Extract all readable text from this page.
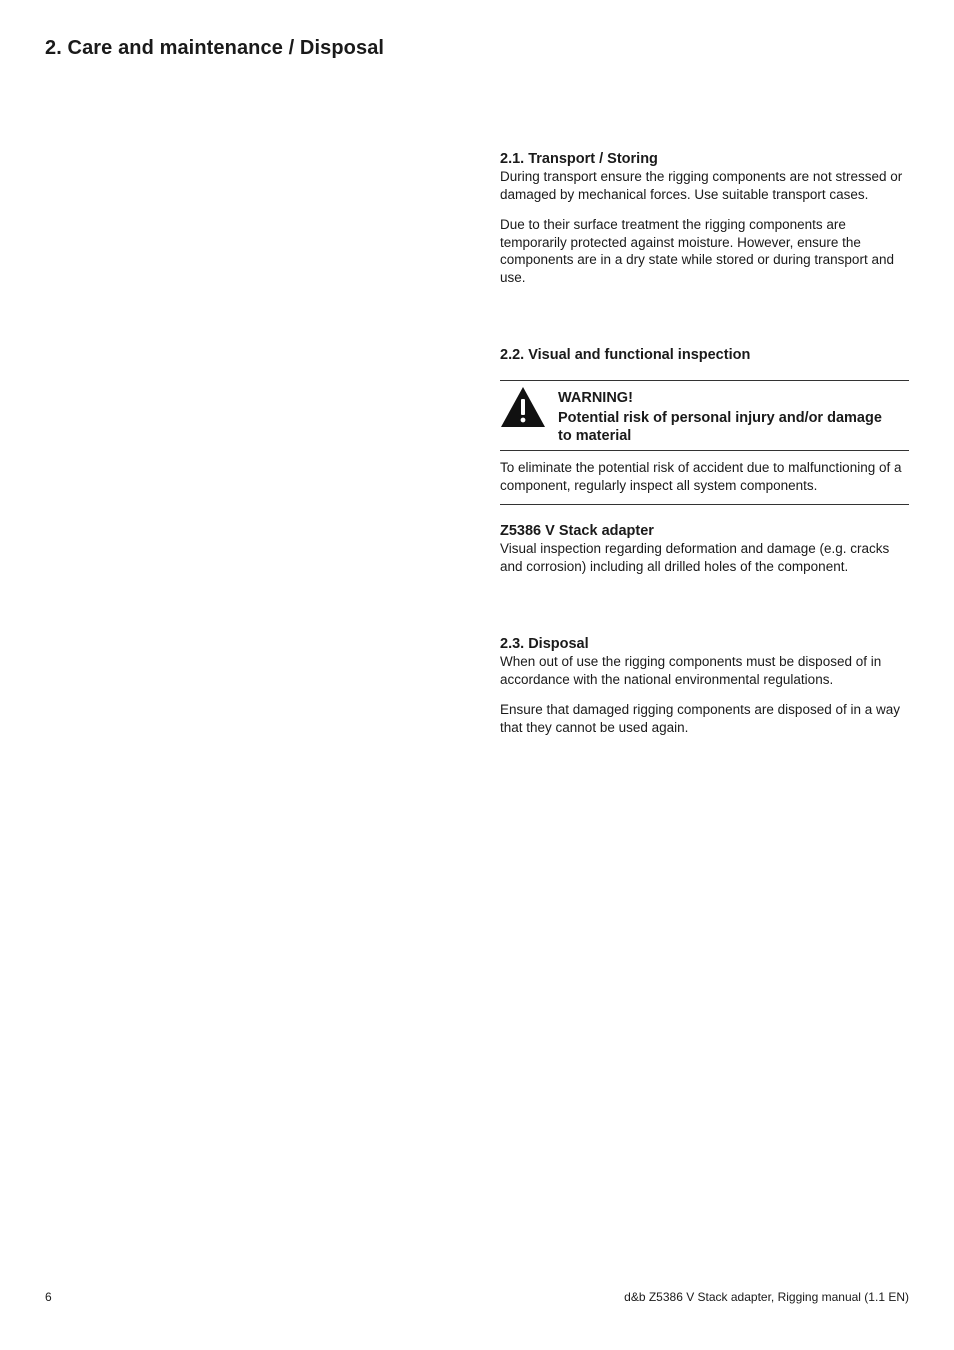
2. Care and maintenance / Disposal
2.1. Transport / Storing

During transport ensure the rigging components are not stressed or damaged by mechanical forces. Use suitable transport cases.

Due to their surface treatment the rigging components are temporarily protected against moisture. However, ensure the components are in a dry state while stored or during transport and use.

2.2. Visual and functional inspection
WARNING!
Potential risk of personal injury and/or damage to material

To eliminate the potential risk of accident due to malfunctioning of a component, regularly inspect all system components.

Z5386 V Stack adapter

Visual inspection regarding deformation and damage (e.g. cracks and corrosion) including all drilled holes of the component.

2.3. Disposal

When out of use the rigging components must be disposed of in accordance with the national environmental regulations.

Ensure that damaged rigging components are disposed of in a way that they cannot be used again.

6	d&b Z5386 V Stack adapter, Rigging manual (1.1 EN)
